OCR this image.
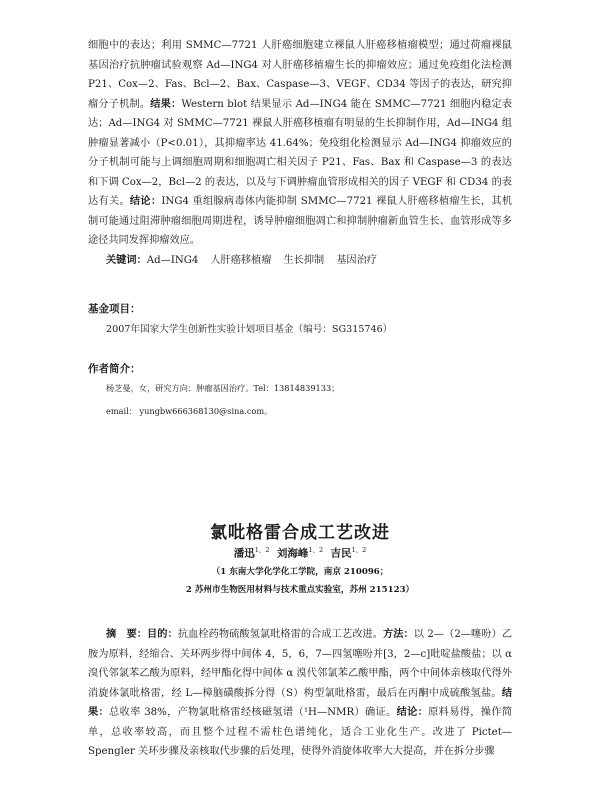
细胞中的表达；利用 SMMC—7721 人肝癌细胞建立裸鼠人肝癌移植瘤模型；通过荷瘤裸鼠基因治疗抗肿瘤试验观察 Ad—ING4 对人肝癌移植瘤生长的抑瘤效应；通过免疫组化法检测 P21、Cox—2、Fas、Bcl—2、Bax、Caspase—3、VEGF、CD34 等因子的表达，研究抑瘤分子机制。结果：Western blot 结果显示 Ad—ING4 能在 SMMC—7721 细胞内稳定表达；Ad—ING4 对 SMMC—7721 裸鼠人肝癌移植瘤有明显的生长抑制作用，Ad—ING4 组肿瘤显著减小（P<0.01），其抑瘤率达 41.64%；免疫组化检测显示 Ad—ING4 抑瘤效应的分子机制可能与上调细胞周期和细胞凋亡相关因子 P21、Fas、Bax 和 Caspase—3 的表达和下调 Cox—2，Bcl—2 的表达，以及与下调肿瘤血管形成相关的因子 VEGF 和 CD34 的表达有关。结论：ING4 重组腺病毒体内能抑制 SMMC—7721 裸鼠人肝癌移植瘤生长，其机制可能通过阻滞肿瘤细胞周期进程，诱导肿瘤细胞凋亡和抑制肿瘤新血管生长、血管形成等多途径共同发挥抑瘤效应。

关键词：Ad—ING4 人肝癌移植瘤 生长抑制 基因治疗
基金项目：
2007年国家大学生创新性实验计划项目基金（编号：SG315746）
作者简介：
杨芝曼，女，研究方向：肿瘤基因治疗。Tel：13814839133；
email： yungbw666368130@sina.com。
氯吡格雷合成工艺改进
潘迅$^{1、2}$ 刘海峰$^{1、2}$ 吉民$^{1、2}$
（1 东南大学化学化工学院，南京 210096；
2 苏州市生物医用材料与技术重点实验室，苏州 215123）

摘　要：目的：抗血栓药物硫酸氢氯吡格雷的合成工艺改进。方法：以 2—（2—噻吩）乙胺为原料，经缩合、关环两步得中间体 4，5，6，7—四氢噻吩并[3，2—c]吡啶盐酸盐；以 α 溴代邻氯苯乙酸为原料，经甲酯化得中间体 α 溴代邻氯苯乙酸甲酯，两个中间体亲核取代得外消旋体氯吡格雷，经 L—樟脑磺酸拆分得（S）构型氯吡格雷，最后在丙酮中成硫酸氢盐。结果：总收率 38%，产物氯吡格雷经核磁氢谱（¹H—NMR）确证。结论：原料易得，操作简单，总收率较高，而且整个过程不需柱色谱纯化，适合工业化生产。改进了 Pictet—Spengler 关环步骤及亲核取代步骤的后处理，使得外消旋体收率大大提高，并在拆分步骤
